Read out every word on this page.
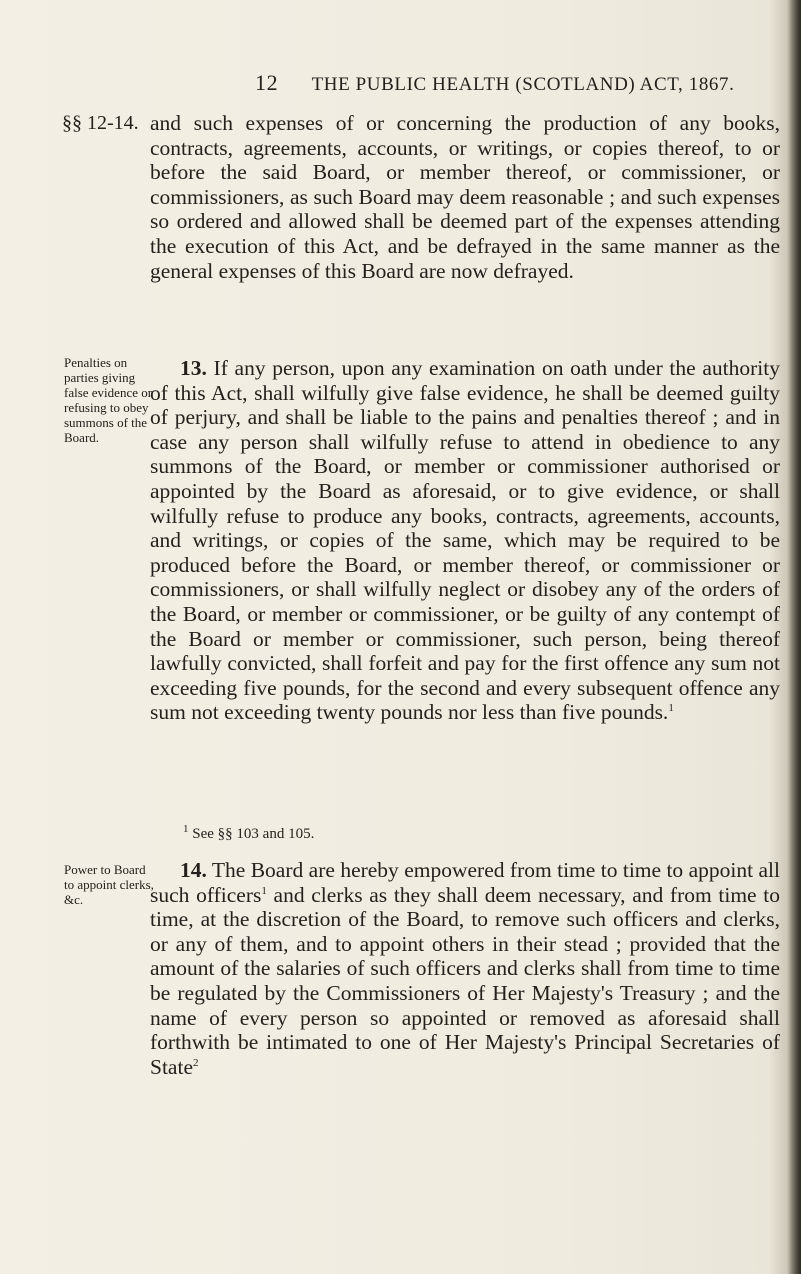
12 THE PUBLIC HEALTH (SCOTLAND) ACT, 1867.
§§ 12-14.
Penalties on parties giving false evidence or refusing to obey summons of the Board.
Power to Board to appoint clerks, &c.

and such expenses of or concerning the production of any books, contracts, agreements, accounts, or writings, or copies thereof, to or before the said Board, or member thereof, or commissioner, or commissioners, as such Board may deem reasonable ; and such expenses so ordered and allowed shall be deemed part of the expenses attending the execution of this Act, and be defrayed in the same manner as the general expenses of this Board are now defrayed.

13. If any person, upon any examination on oath under the authority of this Act, shall wilfully give false evidence, he shall be deemed guilty of perjury, and shall be liable to the pains and penalties thereof ; and in case any person shall wilfully refuse to attend in obedience to any summons of the Board, or member or commissioner authorised or appointed by the Board as aforesaid, or to give evidence, or shall wilfully refuse to produce any books, contracts, agreements, accounts, and writings, or copies of the same, which may be required to be produced before the Board, or member thereof, or commissioner or commissioners, or shall wilfully neglect or disobey any of the orders of the Board, or member or commissioner, or be guilty of any contempt of the Board or member or commissioner, such person, being thereof lawfully convicted, shall forfeit and pay for the first offence any sum not exceeding five pounds, for the second and every subsequent offence any sum not exceeding twenty pounds nor less than five pounds.$^1$

$^1$ See §§ 103 and 105.

14. The Board are hereby empowered from time to time to appoint all such officers$^1$ and clerks as they shall deem necessary, and from time to time, at the discretion of the Board, to remove such officers and clerks, or any of them, and to appoint others in their stead ; provided that the amount of the salaries of such officers and clerks shall from time to time be regulated by the Commissioners of Her Majesty's Treasury ; and the name of every person so appointed or removed as aforesaid shall forthwith be intimated to one of Her Majesty's Principal Secretaries of State$^2$
